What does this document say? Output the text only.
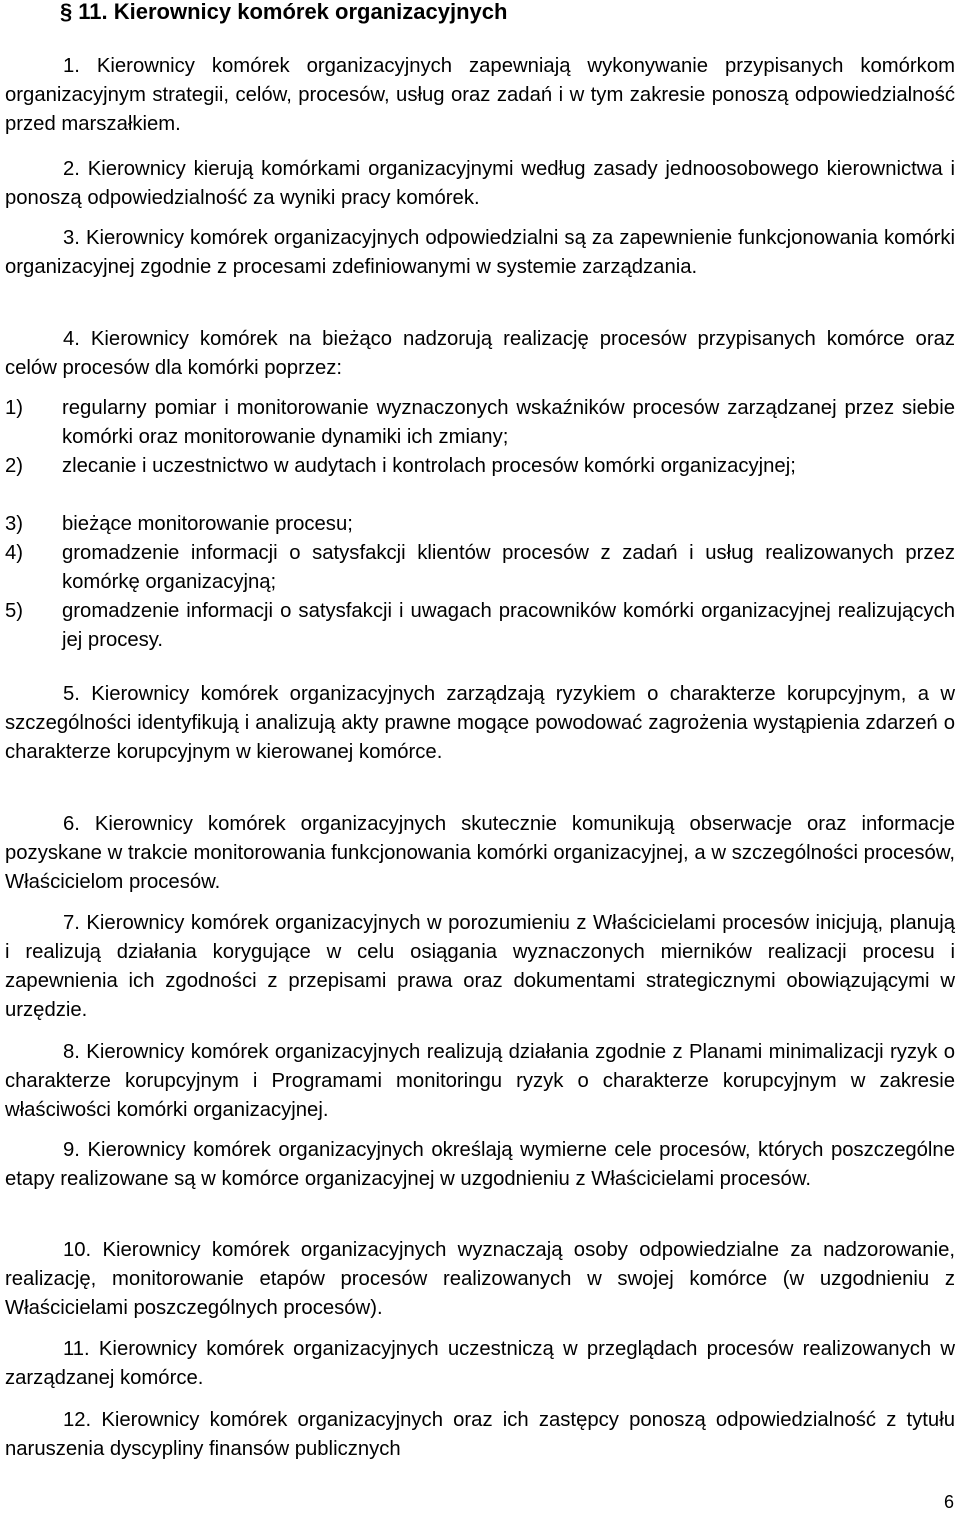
§ 11. Kierownicy komórek organizacyjnych

1. Kierownicy komórek organizacyjnych zapewniają wykonywanie przypisanych komórkom organizacyjnym strategii, celów, procesów, usług oraz zadań i w tym zakresie ponoszą odpowiedzialność przed marszałkiem.

2. Kierownicy kierują komórkami organizacyjnymi według zasady jednoosobowego kierownictwa i ponoszą odpowiedzialność za wyniki pracy komórek.

3. Kierownicy komórek organizacyjnych odpowiedzialni są za zapewnienie funkcjonowania komórki organizacyjnej zgodnie z procesami zdefiniowanymi w systemie zarządzania.

4. Kierownicy komórek na bieżąco nadzorują realizację procesów przypisanych komórce oraz celów procesów dla komórki poprzez:

1) regularny pomiar i monitorowanie wyznaczonych wskaźników procesów zarządzanej przez siebie komórki oraz monitorowanie dynamiki ich zmiany;
2) zlecanie i uczestnictwo w audytach i kontrolach procesów komórki organizacyjnej;
3) bieżące monitorowanie procesu;
4) gromadzenie informacji o satysfakcji klientów procesów z zadań i usług realizowanych przez komórkę organizacyjną;
5) gromadzenie informacji o satysfakcji i uwagach pracowników komórki organizacyjnej realizujących jej procesy.

5. Kierownicy komórek organizacyjnych zarządzają ryzykiem o charakterze korupcyjnym, a w szczególności identyfikują i analizują akty prawne mogące powodować zagrożenia wystąpienia zdarzeń o charakterze korupcyjnym w kierowanej komórce.

6. Kierownicy komórek organizacyjnych skutecznie komunikują obserwacje oraz informacje pozyskane w trakcie monitorowania funkcjonowania komórki organizacyjnej, a w szczególności procesów, Właścicielom procesów.

7. Kierownicy komórek organizacyjnych w porozumieniu z Właścicielami procesów inicjują, planują i realizują działania korygujące w celu osiągania wyznaczonych mierników realizacji procesu i zapewnienia ich zgodności z przepisami prawa oraz dokumentami strategicznymi obowiązującymi w urzędzie.

8. Kierownicy komórek organizacyjnych realizują działania zgodnie z Planami minimalizacji ryzyk o charakterze korupcyjnym i Programami monitoringu ryzyk o charakterze korupcyjnym w zakresie właściwości komórki organizacyjnej.

9. Kierownicy komórek organizacyjnych określają wymierne cele procesów, których poszczególne etapy realizowane są w komórce organizacyjnej w uzgodnieniu z Właścicielami procesów.

10. Kierownicy komórek organizacyjnych wyznaczają osoby odpowiedzialne za nadzorowanie, realizację, monitorowanie etapów procesów realizowanych w swojej komórce (w uzgodnieniu z Właścicielami poszczególnych procesów).

11. Kierownicy komórek organizacyjnych uczestniczą w przeglądach procesów realizowanych w zarządzanej komórce.

12. Kierownicy komórek organizacyjnych oraz ich zastępcy ponoszą odpowiedzialność z tytułu naruszenia dyscypliny finansów publicznych

6
